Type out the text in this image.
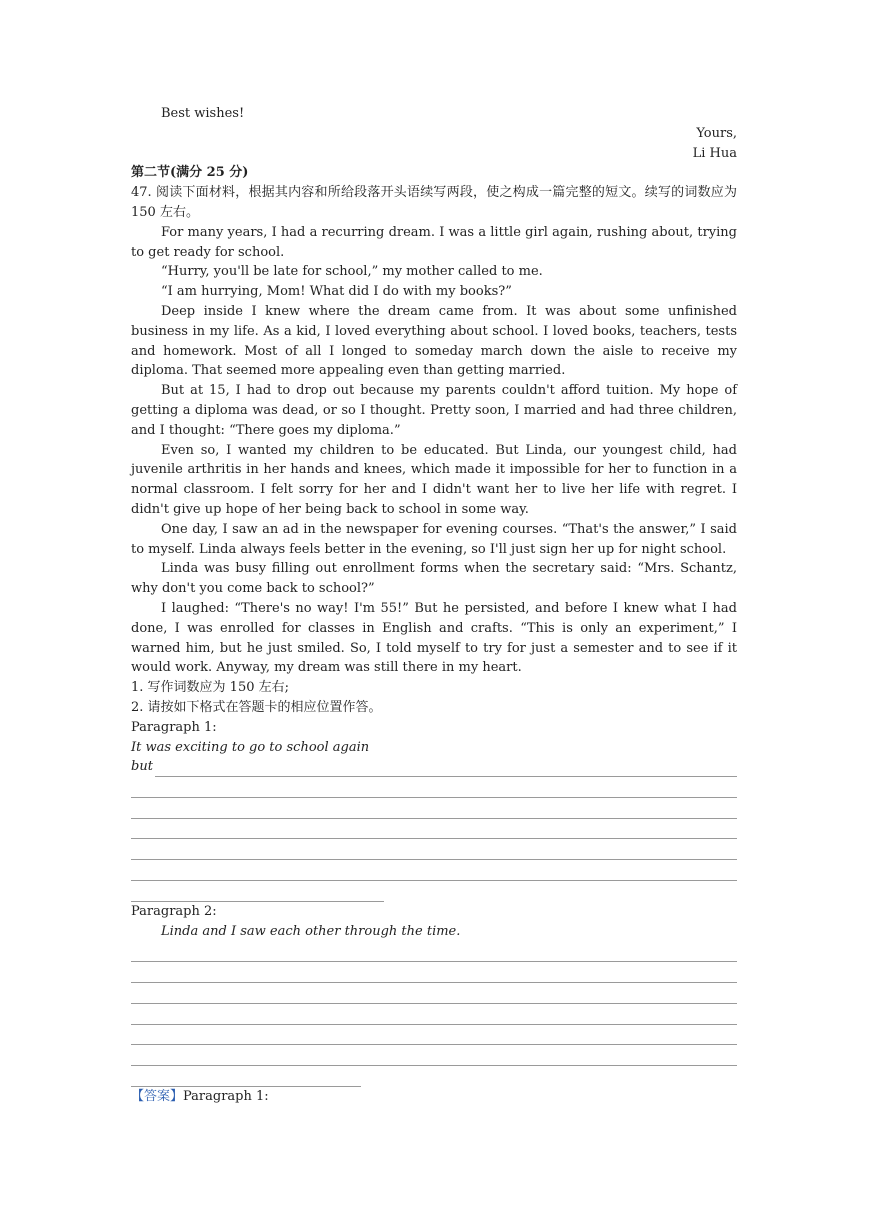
Best wishes!

Yours,

Li Hua

第二节(满分 25 分)

47. 阅读下面材料，根据其内容和所给段落开头语续写两段，使之构成一篇完整的短文。续写的词数应为 150 左右。

For many years, I had a recurring dream. I was a little girl again, rushing about, trying to get ready for school.

“Hurry, you'll be late for school,” my mother called to me.

“I am hurrying, Mom! What did I do with my books?”

Deep inside I knew where the dream came from. It was about some unfinished business in my life. As a kid, I loved everything about school. I loved books, teachers, tests and homework. Most of all I longed to someday march down the aisle to receive my diploma. That seemed more appealing even than getting married.

But at 15, I had to drop out because my parents couldn't afford tuition. My hope of getting a diploma was dead, or so I thought. Pretty soon, I married and had three children, and I thought: “There goes my diploma.”

Even so, I wanted my children to be educated. But Linda, our youngest child, had juvenile arthritis in her hands and knees, which made it impossible for her to function in a normal classroom. I felt sorry for her and I didn't want her to live her life with regret. I didn't give up hope of her being back to school in some way.

One day, I saw an ad in the newspaper for evening courses. “That's the answer,” I said to myself. Linda always feels better in the evening, so I'll just sign her up for night school.

Linda was busy filling out enrollment forms when the secretary said: “Mrs. Schantz, why don't you come back to school?”

I laughed: “There's no way! I'm 55!” But he persisted, and before I knew what I had done, I was enrolled for classes in English and crafts. “This is only an experiment,” I warned him, but he just smiled. So, I told myself to try for just a semester and to see if it would work. Anyway, my dream was still there in my heart.

1. 写作词数应为 150 左右;

2. 请按如下格式在答题卡的相应位置作答。

Paragraph 1:

It was exciting to go to school again

but

Paragraph 2:

Linda and I saw each other through the time.

【答案】Paragraph 1:
